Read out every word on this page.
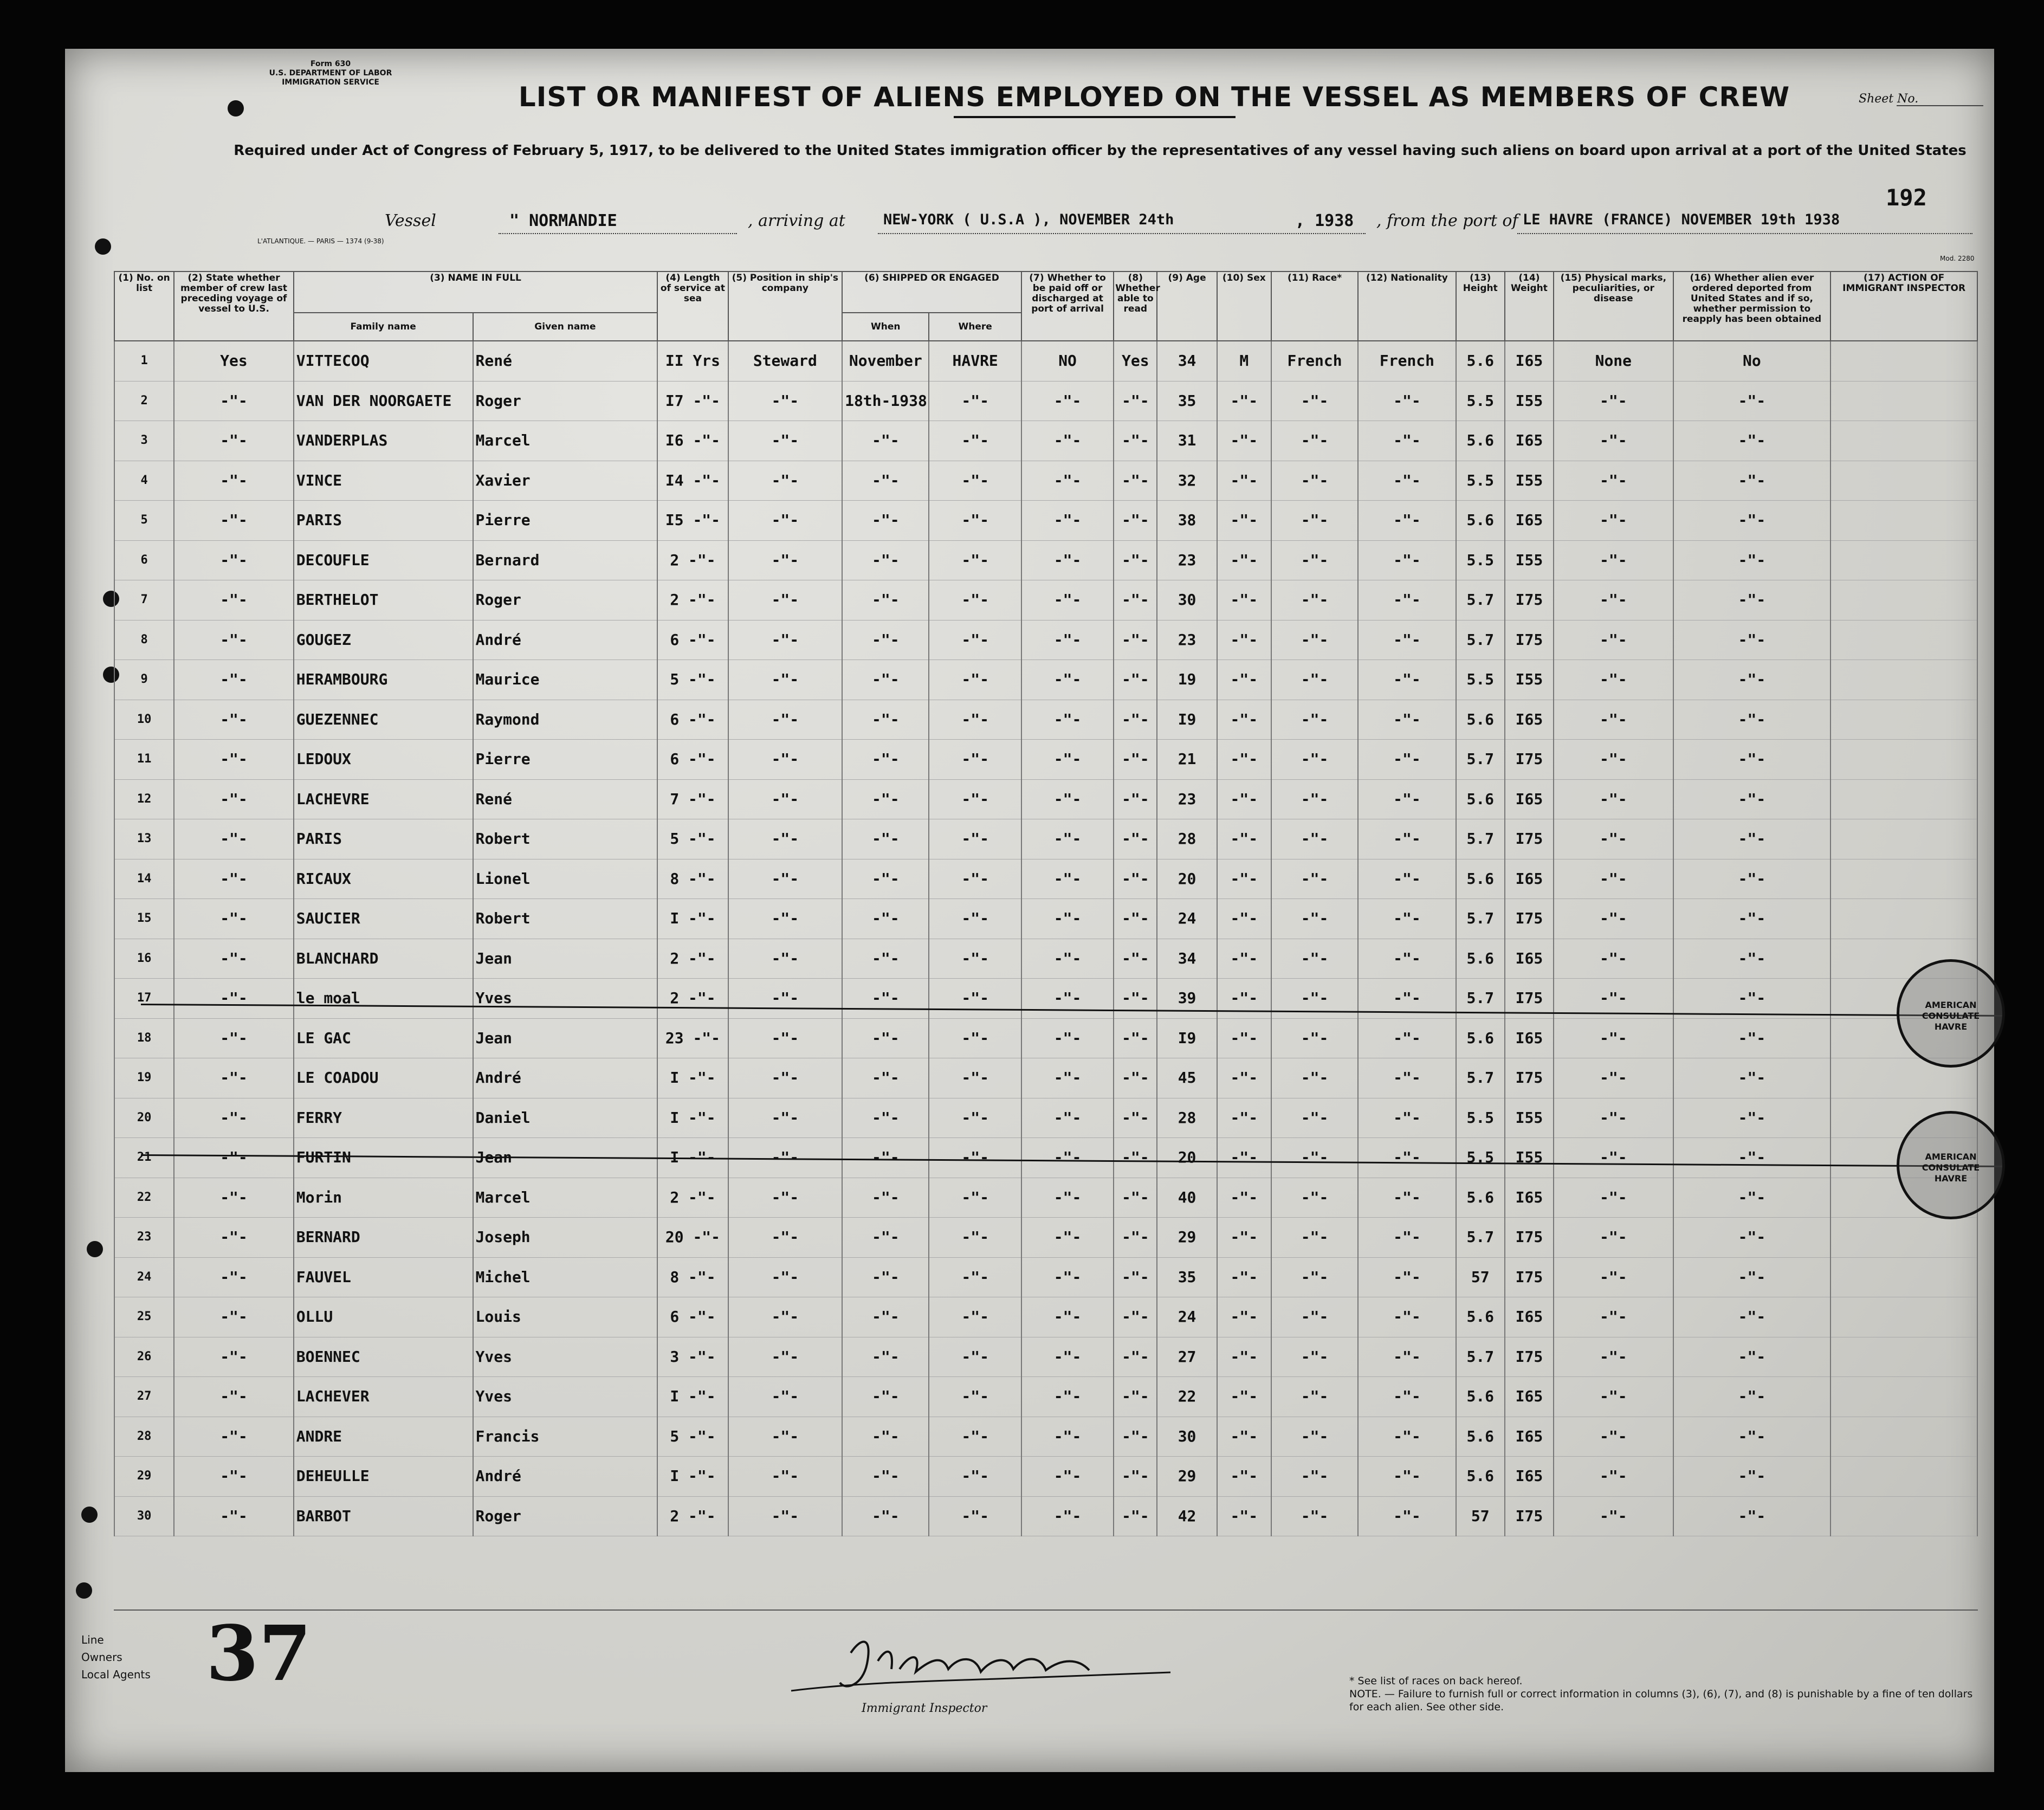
Form 630
U.S. DEPARTMENT OF LABOR
IMMIGRATION SERVICE
Sheet No.
LIST OR MANIFEST OF ALIENS EMPLOYED ON THE VESSEL AS MEMBERS OF CREW
Required under Act of Congress of February 5, 1917, to be delivered to the United States immigration officer by the representatives of any vessel having such aliens on board upon arrival at a port of the United States
192
Vessel	" NORMANDIE	, arriving at	NEW-YORK ( U.S.A ), NOVEMBER 24th	, 1938 , from the port of LE HAVRE (FRANCE) NOVEMBER 19th 1938
L'ATLANTIQUE. — PARIS — 1374 (9-38)
Mod. 2280
(1) No. on list	(2) State whether member of crew last preceding voyage of vessel to U.S.	(3) NAME IN FULL		(4) Length of service at sea	(5) Position in ship's company	(6) SHIPPED OR ENGAGED		(7) Whether to be paid off or discharged at port of arrival	(8) Whether able to read	(9) Age	(10) Sex	(11) Race*	(12) Nationality	(13) Height	(14) Weight	(15) Physical marks, peculiarities, or disease	(16) Whether alien ever ordered deported from United States and if so, whether permission to reapply has been obtained	(17) ACTION OF IMMIGRANT INSPECTOR
		Family name	Given name			When	Where											
1	Yes	VITTECOQ	René	II Yrs	Steward	November	HAVRE	NO	Yes	34	M	French	French	5.6	I65	None	No	
2	-"-	VAN DER NOORGAETE	Roger	I7 -"-	-"-	18th-1938	-"-	-"-	-"-	35	-"-	-"-	-"-	5.5	I55	-"-	-"-	
3	-"-	VANDERPLAS	Marcel	I6 -"-	-"-	-"-	-"-	-"-	-"-	31	-"-	-"-	-"-	5.6	I65	-"-	-"-	
4	-"-	VINCE	Xavier	I4 -"-	-"-	-"-	-"-	-"-	-"-	32	-"-	-"-	-"-	5.5	I55	-"-	-"-	
5	-"-	PARIS	Pierre	I5 -"-	-"-	-"-	-"-	-"-	-"-	38	-"-	-"-	-"-	5.6	I65	-"-	-"-	
6	-"-	DECOUFLE	Bernard	2 -"-	-"-	-"-	-"-	-"-	-"-	23	-"-	-"-	-"-	5.5	I55	-"-	-"-	
7	-"-	BERTHELOT	Roger	2 -"-	-"-	-"-	-"-	-"-	-"-	30	-"-	-"-	-"-	5.7	I75	-"-	-"-	
8	-"-	GOUGEZ	André	6 -"-	-"-	-"-	-"-	-"-	-"-	23	-"-	-"-	-"-	5.7	I75	-"-	-"-	
9	-"-	HERAMBOURG	Maurice	5 -"-	-"-	-"-	-"-	-"-	-"-	19	-"-	-"-	-"-	5.5	I55	-"-	-"-	
10	-"-	GUEZENNEC	Raymond	6 -"-	-"-	-"-	-"-	-"-	-"-	I9	-"-	-"-	-"-	5.6	I65	-"-	-"-	
11	-"-	LEDOUX	Pierre	6 -"-	-"-	-"-	-"-	-"-	-"-	21	-"-	-"-	-"-	5.7	I75	-"-	-"-	
12	-"-	LACHEVRE	René	7 -"-	-"-	-"-	-"-	-"-	-"-	23	-"-	-"-	-"-	5.6	I65	-"-	-"-	
13	-"-	PARIS	Robert	5 -"-	-"-	-"-	-"-	-"-	-"-	28	-"-	-"-	-"-	5.7	I75	-"-	-"-	
14	-"-	RICAUX	Lionel	8 -"-	-"-	-"-	-"-	-"-	-"-	20	-"-	-"-	-"-	5.6	I65	-"-	-"-	
15	-"-	SAUCIER	Robert	I -"-	-"-	-"-	-"-	-"-	-"-	24	-"-	-"-	-"-	5.7	I75	-"-	-"-	
16	-"-	BLANCHARD	Jean	2 -"-	-"-	-"-	-"-	-"-	-"-	34	-"-	-"-	-"-	5.6	I65	-"-	-"-	
17	-"-	le moal	Yves	2 -"-	-"-	-"-	-"-	-"-	-"-	39	-"-	-"-	-"-	5.7	I75	-"-	-"-	
18	-"-	LE GAC	Jean	23 -"-	-"-	-"-	-"-	-"-	-"-	I9	-"-	-"-	-"-	5.6	I65	-"-	-"-	
19	-"-	LE COADOU	André	I -"-	-"-	-"-	-"-	-"-	-"-	45	-"-	-"-	-"-	5.7	I75	-"-	-"-	
20	-"-	FERRY	Daniel	I -"-	-"-	-"-	-"-	-"-	-"-	28	-"-	-"-	-"-	5.5	I55	-"-	-"-	
21	-"-	FURTIN	Jean	I -"-	-"-	-"-	-"-	-"-	-"-	20	-"-	-"-	-"-	5.5	I55	-"-	-"-	
22	-"-	Morin	Marcel	2 -"-	-"-	-"-	-"-	-"-	-"-	40	-"-	-"-	-"-	5.6	I65	-"-	-"-	
23	-"-	BERNARD	Joseph	20 -"-	-"-	-"-	-"-	-"-	-"-	29	-"-	-"-	-"-	5.7	I75	-"-	-"-	
24	-"-	FAUVEL	Michel	8 -"-	-"-	-"-	-"-	-"-	-"-	35	-"-	-"-	-"-	57	I75	-"-	-"-	
25	-"-	OLLU	Louis	6 -"-	-"-	-"-	-"-	-"-	-"-	24	-"-	-"-	-"-	5.6	I65	-"-	-"-	
26	-"-	BOENNEC	Yves	3 -"-	-"-	-"-	-"-	-"-	-"-	27	-"-	-"-	-"-	5.7	I75	-"-	-"-	
27	-"-	LACHEVER	Yves	I -"-	-"-	-"-	-"-	-"-	-"-	22	-"-	-"-	-"-	5.6	I65	-"-	-"-	
28	-"-	ANDRE	Francis	5 -"-	-"-	-"-	-"-	-"-	-"-	30	-"-	-"-	-"-	5.6	I65	-"-	-"-	
29	-"-	DEHEULLE	André	I -"-	-"-	-"-	-"-	-"-	-"-	29	-"-	-"-	-"-	5.6	I65	-"-	-"-	
30	-"-	BARBOT	Roger	2 -"-	-"-	-"-	-"-	-"-	-"-	42	-"-	-"-	-"-	57	I75	-"-	-"-	
AMERICAN CONSULATE
HAVRE
AMERICAN CONSULATE
HAVRE
Line
Owners
Local Agents 37
Immigrant Inspector
* See list of races on back hereof.
NOTE. — Failure to furnish full or correct information in columns (3), (6), (7), and (8) is punishable by a fine of ten dollars for each alien. See other side.
